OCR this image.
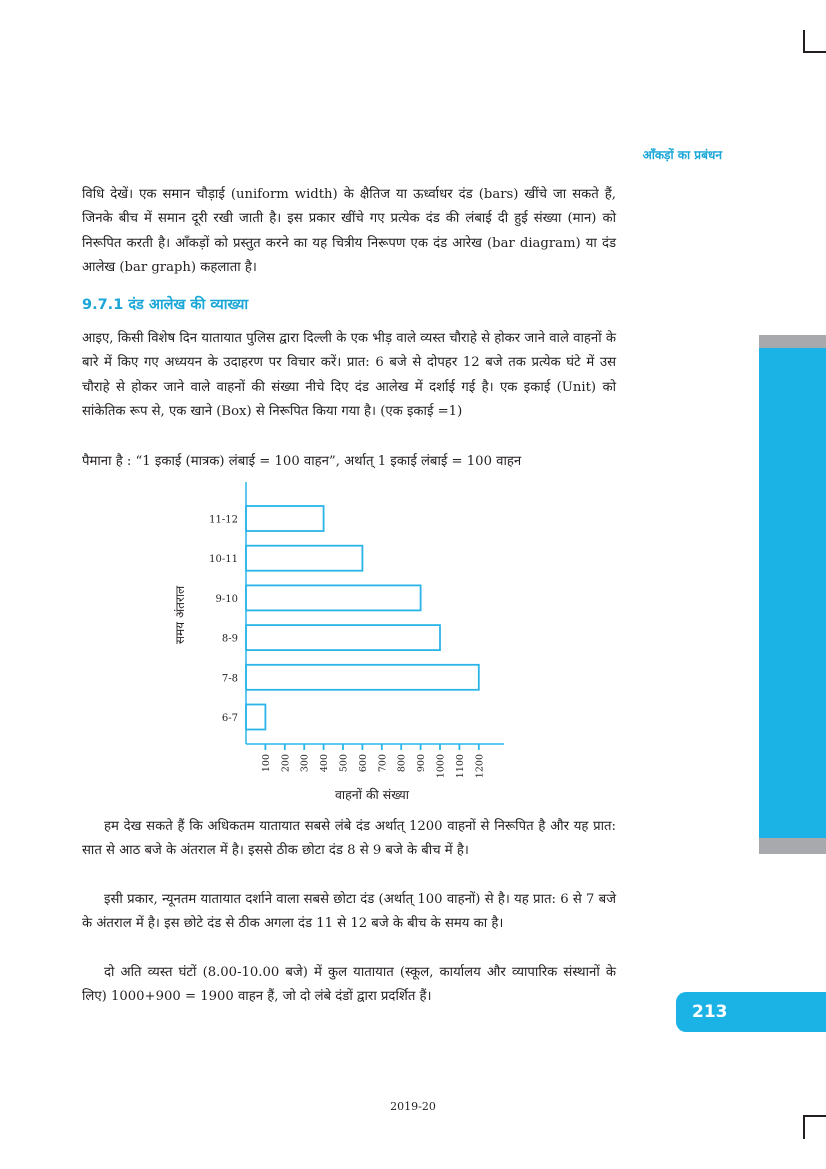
आँकड़ों का प्रबंधन

विधि देखें। एक समान चौड़ाई (uniform width) के क्षैतिज या ऊर्ध्वाधर दंड (bars) खींचे जा सकते हैं, जिनके बीच में समान दूरी रखी जाती है। इस प्रकार खींचे गए प्रत्येक दंड की लंबाई दी हुई संख्या (मान) को निरूपित करती है। आँकड़ों को प्रस्तुत करने का यह चित्रीय निरूपण एक दंड आरेख (bar diagram) या दंड आलेख (bar graph) कहलाता है।

9.7.1 दंड आलेख की व्याख्या

आइए, किसी विशेष दिन यातायात पुलिस द्वारा दिल्ली के एक भीड़ वाले व्यस्त चौराहे से होकर जाने वाले वाहनों के बारे में किए गए अध्ययन के उदाहरण पर विचार करें। प्रात: 6 बजे से दोपहर 12 बजे तक प्रत्येक घंटे में उस चौराहे से होकर जाने वाले वाहनों की संख्या नीचे दिए दंड आलेख में दर्शाई गई है। एक इकाई (Unit) को सांकेतिक रूप से, एक खाने (Box) से निरूपित किया गया है। (एक इकाई =1)

पैमाना है : “1 इकाई (मात्रक) लंबाई = 100 वाहन”, अर्थात् 1 इकाई लंबाई = 100 वाहन

11-12
10-11
9-10
8-9
7-8
6-7
100 200 300 400 500 600 700 800 900 1000 1100 1200
वाहनों की संख्या
समय अंतराल

हम देख सकते हैं कि अधिकतम यातायात सबसे लंबे दंड अर्थात् 1200 वाहनों से निरूपित है और यह प्रात: सात से आठ बजे के अंतराल में है। इससे ठीक छोटा दंड 8 से 9 बजे के बीच में है।

इसी प्रकार, न्यूनतम यातायात दर्शाने वाला सबसे छोटा दंड (अर्थात् 100 वाहनों) से है। यह प्रात: 6 से 7 बजे के अंतराल में है। इस छोटे दंड से ठीक अगला दंड 11 से 12 बजे के बीच के समय का है।

दो अति व्यस्त घंटों (8.00-10.00 बजे) में कुल यातायात (स्कूल, कार्यालय और व्यापारिक संस्थानों के लिए) 1000+900 = 1900 वाहन हैं, जो दो लंबे दंडों द्वारा प्रदर्शित हैं।

213
2019-20
